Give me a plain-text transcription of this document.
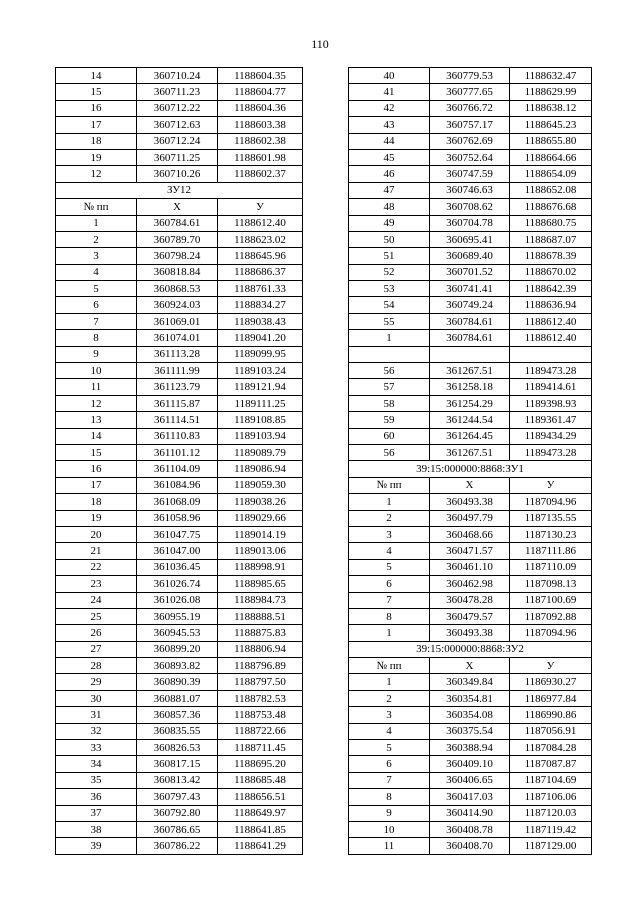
110
14	360710.24	1188604.35
15	360711.23	1188604.77
16	360712.22	1188604.36
17	360712.63	1188603.38
18	360712.24	1188602.38
19	360711.25	1188601.98
12	360710.26	1188602.37
ЗУ12		
№ пп	X	У
1	360784.61	1188612.40
2	360789.70	1188623.02
3	360798.24	1188645.96
4	360818.84	1188686.37
5	360868.53	1188761.33
6	360924.03	1188834.27
7	361069.01	1189038.43
8	361074.01	1189041.20
9	361113.28	1189099.95
10	361111.99	1189103.24
11	361123.79	1189121.94
12	361115.87	1189111.25
13	361114.51	1189108.85
14	361110.83	1189103.94
15	361101.12	1189089.79
16	361104.09	1189086.94
17	361084.96	1189059.30
18	361068.09	1189038.26
19	361058.96	1189029.66
20	361047.75	1189014.19
21	361047.00	1189013.06
22	361036.45	1188998.91
23	361026.74	1188985.65
24	361026.08	1188984.73
25	360955.19	1188888.51
26	360945.53	1188875.83
27	360899.20	1188806.94
28	360893.82	1188796.89
29	360890.39	1188797.50
30	360881.07	1188782.53
31	360857.36	1188753.48
32	360835.55	1188722.66
33	360826.53	1188711.45
34	360817.15	1188695.20
35	360813.42	1188685.48
36	360797.43	1188656.51
37	360792.80	1188649.97
38	360786.65	1188641.85
39	360786.22	1188641.29
40	360779.53	1188632.47
41	360777.65	1188629.99
42	360766.72	1188638.12
43	360757.17	1188645.23
44	360762.69	1188655.80
45	360752.64	1188664.66
46	360747.59	1188654.09
47	360746.63	1188652.08
48	360708.62	1188676.68
49	360704.78	1188680.75
50	360695.41	1188687.07
51	360689.40	1188678.39
52	360701.52	1188670.02
53	360741.41	1188642.39
54	360749.24	1188636.94
55	360784.61	1188612.40
1	360784.61	1188612.40

56	361267.51	1189473.28
57	361258.18	1189414.61
58	361254.29	1189398.93
59	361244.54	1189361.47
60	361264.45	1189434.29
56	361267.51	1189473.28
39:15:000000:8868:ЗУ1		
№ пп	X	У
1	360493.38	1187094.96
2	360497.79	1187135.55
3	360468.66	1187130.23
4	360471.57	1187111.86
5	360461.10	1187110.09
6	360462.98	1187098.13
7	360478.28	1187100.69
8	360479.57	1187092.88
1	360493.38	1187094.96
39:15:000000:8868:ЗУ2		
№ пп	X	У
1	360349.84	1186930.27
2	360354.81	1186977.84
3	360354.08	1186990.86
4	360375.54	1187056.91
5	360388.94	1187084.28
6	360409.10	1187087.87
7	360406.65	1187104.69
8	360417.03	1187106.06
9	360414.90	1187120.03
10	360408.78	1187119.42
11	360408.70	1187129.00
